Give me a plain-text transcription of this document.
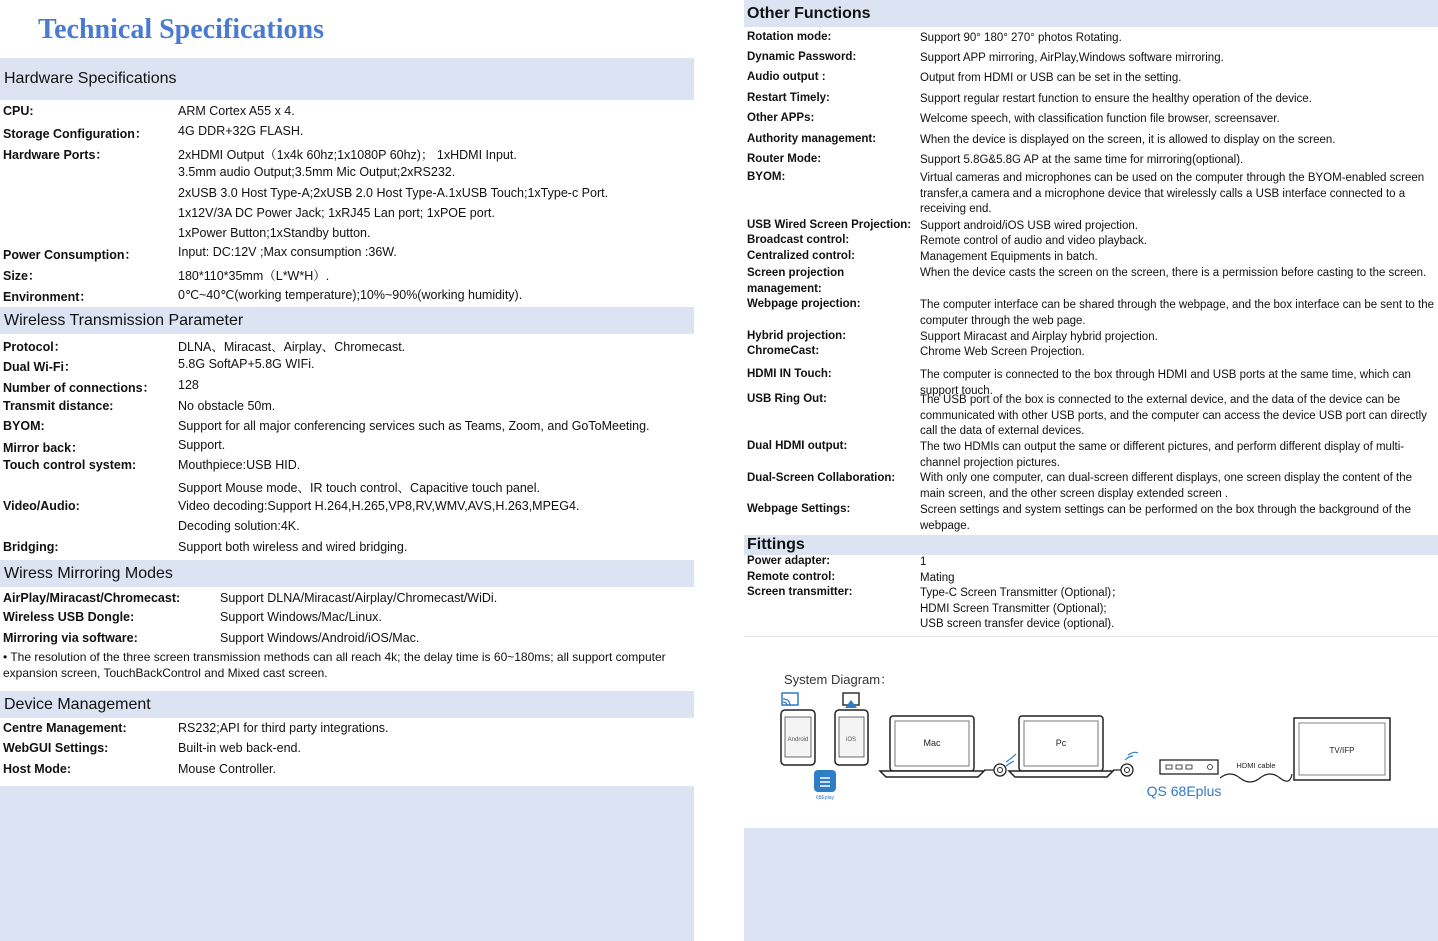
Technical Specifications
Hardware Specifications
CPU:	ARM Cortex A55 x 4.
Storage Configuration： 4G DDR+32G FLASH.
Hardware Ports：	2xHDMI Output（1x4k 60hz;1x1080P 60hz)； 1xHDMI Input.
3.5mm audio Output;3.5mm Mic Output;2xRS232.
2xUSB 3.0 Host Type-A;2xUSB 2.0 Host Type-A.1xUSB Touch;1xType-c Port.
1x12V/3A DC Power Jack; 1xRJ45 Lan port; 1xPOE port.
1xPower Button;1xStandby button.
Power Consumption：	Input: DC:12V ;Max consumption :36W.
Size：	180*110*35mm（L*W*H）.
Environment：	0℃~40℃(working temperature);10%~90%(working humidity).
Wireless Transmission Parameter
Protocol：	DLNA、Miracast、Airplay、Chromecast.
Dual Wi-Fi：	5.8G SoftAP+5.8G WIFi.
Number of connections： 128
Transmit distance:	No obstacle 50m.
BYOM:	Support for all major conferencing services such as Teams, Zoom, and GoToMeeting.
Mirror back：	Support.
Touch control system:	Mouthpiece:USB HID.
Support Mouse mode、IR touch control、Capacitive touch panel.
Video/Audio:	Video decoding:Support H.264,H.265,VP8,RV,WMV,AVS,H.263,MPEG4.
Decoding solution:4K.
Bridging:	Support both wireless and wired bridging.
Wiress Mirroring Modes
AirPlay/Miracast/Chromecast:	Support DLNA/Miracast/Airplay/Chromecast/WiDi.
Wireless USB Dongle:	Support Windows/Mac/Linux.
Mirroring via software:	Support Windows/Android/iOS/Mac.
• The resolution of the three screen transmission methods can all reach 4k; the delay time is 60~180ms; all support computer
expansion screen, TouchBackControl and Mixed cast screen.
Device Management
Centre Management:	RS232;API for third party integrations.
WebGUI Settings:	Built-in web back-end.
Host Mode:	Mouse Controller.
Other Functions
Rotation mode:	Support 90° 180° 270° photos Rotating.
Dynamic Password:	Support APP mirroring, AirPlay,Windows software mirroring.
Audio output :	Output from HDMI or USB can be set in the setting.
Restart Timely:	Support regular restart function to ensure the healthy operation of the device.
Other APPs:	Welcome speech, with classification function file browser, screensaver.
Authority management:	When the device is displayed on the screen, it is allowed to display on the screen.
Router Mode:	Support 5.8G&5.8G AP at the same time for mirroring(optional).
BYOM:	Virtual cameras and microphones can be used on the computer through the BYOM-enabled screen transfer,a camera and a microphone device that wirelessly calls a USB interface connected to a receiving end.
USB Wired Screen Projection: Support android/iOS USB wired projection.
Broadcast control:	Remote control of audio and video playback.
Centralized control:	Management Equipments in batch.
Screen projection management:
When the device casts the screen on the screen, there is a permission before casting to the screen.
Webpage projection:	The computer interface can be shared through the webpage, and the box interface can be sent to the computer through the web page.
Hybrid projection:	Support Miracast and Airplay hybrid projection.
ChromeCast:	Chrome Web Screen Projection.
HDMI IN Touch:	The computer is connected to the box through HDMI and USB ports at the same time, which can support touch.
USB Ring Out:	The USB port of the box is connected to the external device, and the data of the device can be communicated with other USB ports, and the computer can access the device USB port can directly call the data of external devices.
Dual HDMI output:	The two HDMIs can output the same or different pictures, and perform different display of multi-channel projection pictures.
Dual-Screen Collaboration:	With only one computer, can dual-screen different displays, one screen display the content of the main screen, and the other screen display extended screen .
Webpage Settings:	Screen settings and system settings can be performed on the box through the background of the webpage.
Fittings
Power adapter:	1
Remote control:	Mating
Screen transmitter:	Type-C Screen Transmitter (Optional)；
HDMI Screen Transmitter (Optional);
USB screen transfer device (optional).
System Diagram：
Android	iOS
68Eplay
Mac	Pc
QS 68Eplus
HDMI cable
TV/IFP
